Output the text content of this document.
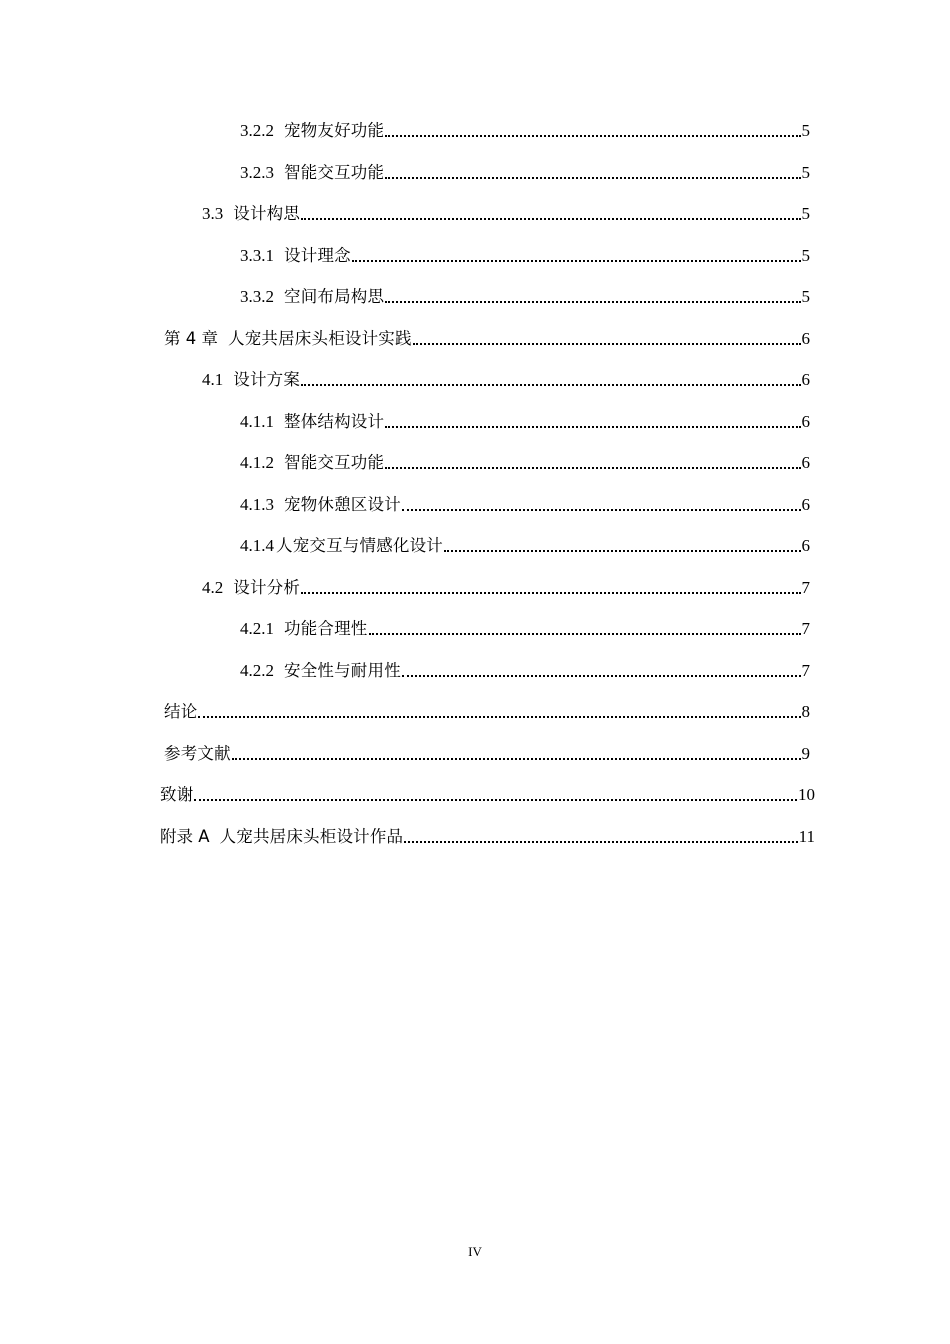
3.2.2 宠物友好功能	5
3.2.3 智能交互功能	5
3.3 设计构思	5
3.3.1 设计理念	5
3.3.2 空间布局构思	5
第 4 章 人宠共居床头柜设计实践	6
4.1 设计方案	6
4.1.1 整体结构设计	6
4.1.2 智能交互功能	6
4.1.3 宠物休憩区设计	6
4.1.4 人宠交互与情感化设计	6
4.2 设计分析	7
4.2.1 功能合理性	7
4.2.2 安全性与耐用性	7
结论	8
参考文献	9
致谢	10
附录 A 人宠共居床头柜设计作品	11
IV
